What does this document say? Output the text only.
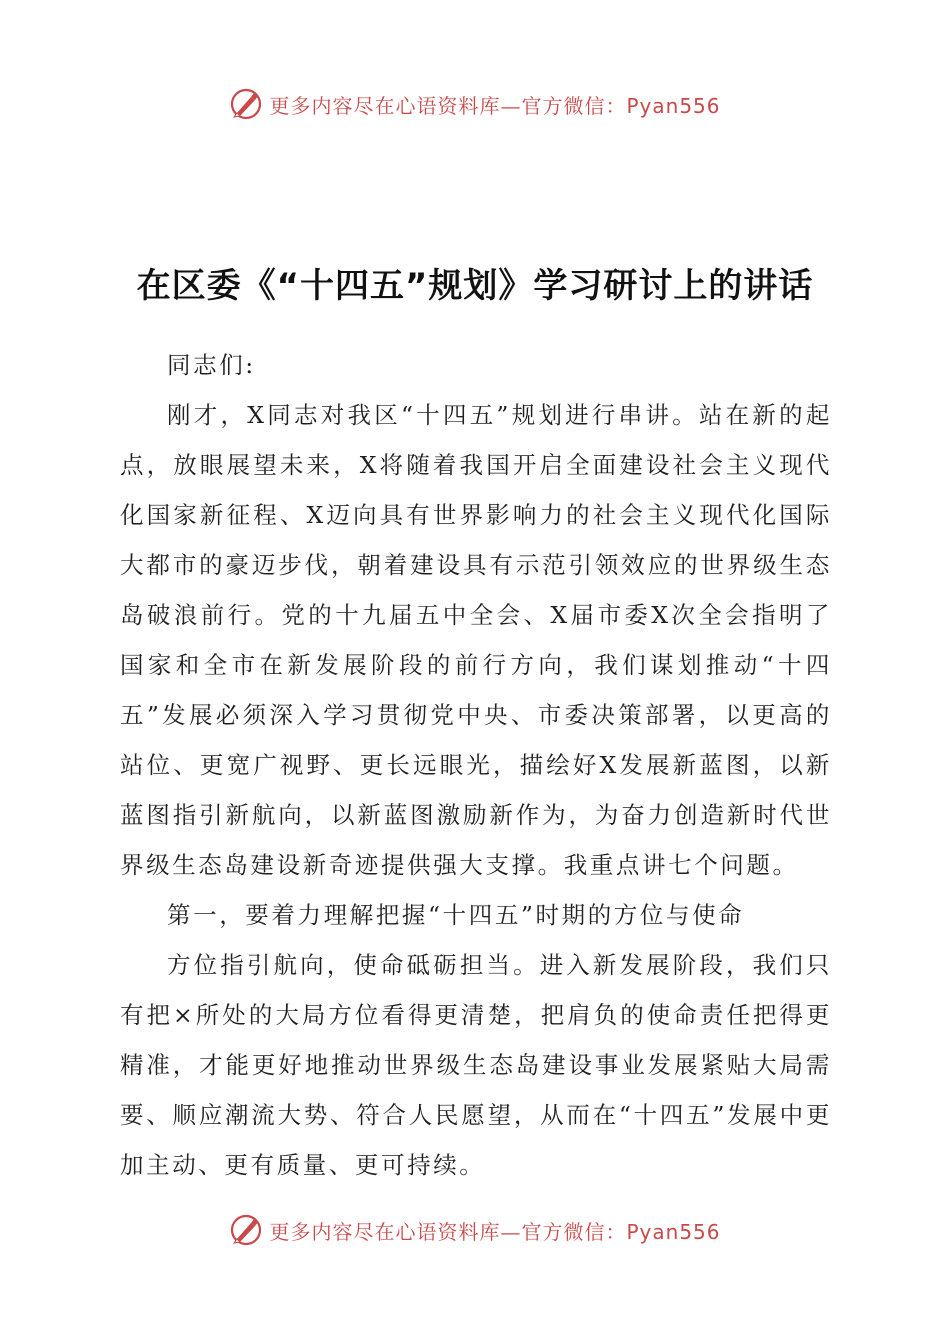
更多内容尽在心语资料库—官方微信：Pyan556
在区委《“十四五”规划》学习研讨上的讲话

同志们:

刚才，X同志对我区“十四五”规划进行串讲。站在新的起点，放眼展望未来，X将随着我国开启全面建设社会主义现代化国家新征程、X迈向具有世界影响力的社会主义现代化国际大都市的豪迈步伐，朝着建设具有示范引领效应的世界级生态岛破浪前行。党的十九届五中全会、X届市委X次全会指明了国家和全市在新发展阶段的前行方向，我们谋划推动“十四五”发展必须深入学习贯彻党中央、市委决策部署，以更高的站位、更宽广视野、更长远眼光，描绘好X发展新蓝图，以新蓝图指引新航向，以新蓝图激励新作为，为奋力创造新时代世界级生态岛建设新奇迹提供强大支撑。我重点讲七个问题。

第一，要着力理解把握“十四五”时期的方位与使命

方位指引航向，使命砥砺担当。进入新发展阶段，我们只有把×所处的大局方位看得更清楚，把肩负的使命责任把得更精准，才能更好地推动世界级生态岛建设事业发展紧贴大局需要、顺应潮流大势、符合人民愿望，从而在“十四五”发展中更加主动、更有质量、更可持续。

更多内容尽在心语资料库—官方微信：Pyan556
